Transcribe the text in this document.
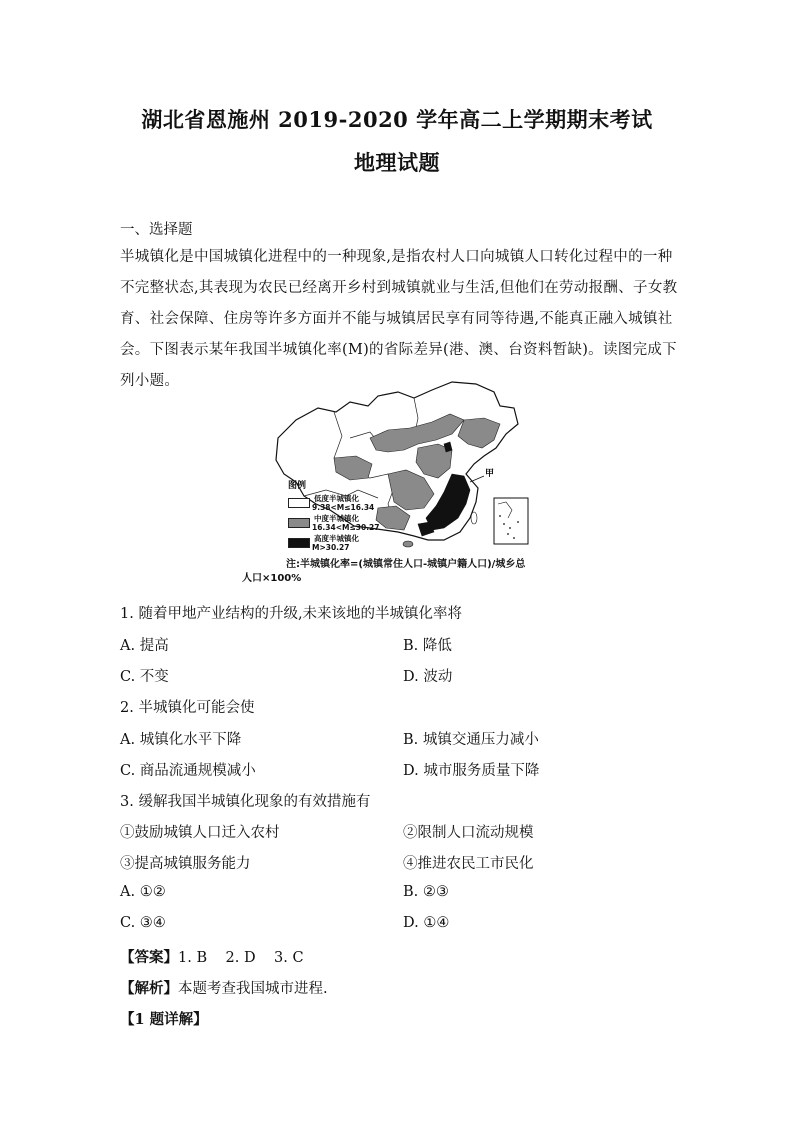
湖北省恩施州 2019-2020 学年高二上学期期末考试
地理试题
一、选择题
半城镇化是中国城镇化进程中的一种现象,是指农村人口向城镇人口转化过程中的一种不完整状态,其表现为农民已经离开乡村到城镇就业与生活,但他们在劳动报酬、子女教育、社会保障、住房等许多方面并不能与城镇居民享有同等待遇,不能真正融入城镇社会。下图表示某年我国半城镇化率(M)的省际差异(港、澳、台资料暂缺)。读图完成下列小题。
甲
图例
低度半城镇化
9.38<M≤16.34
中度半城镇化
16.34<M≤30.27
高度半城镇化
M>30.27
注:半城镇化率=(城镇常住人口-城镇户籍人口)/城乡总
人口×100%
1. 随着甲地产业结构的升级,未来该地的半城镇化率将
A. 提高	B. 降低
C. 不变	D. 波动
2. 半城镇化可能会使
A. 城镇化水平下降	B. 城镇交通压力减小
C. 商品流通规模减小	D. 城市服务质量下降
3. 缓解我国半城镇化现象的有效措施有
①鼓励城镇人口迁入农村	②限制人口流动规模
③提高城镇服务能力	④推进农民工市民化
A. ①②	B. ②③
C. ③④	D. ①④
【答案】1. B    2. D    3. C
【解析】本题考查我国城市进程.
【1 题详解】
